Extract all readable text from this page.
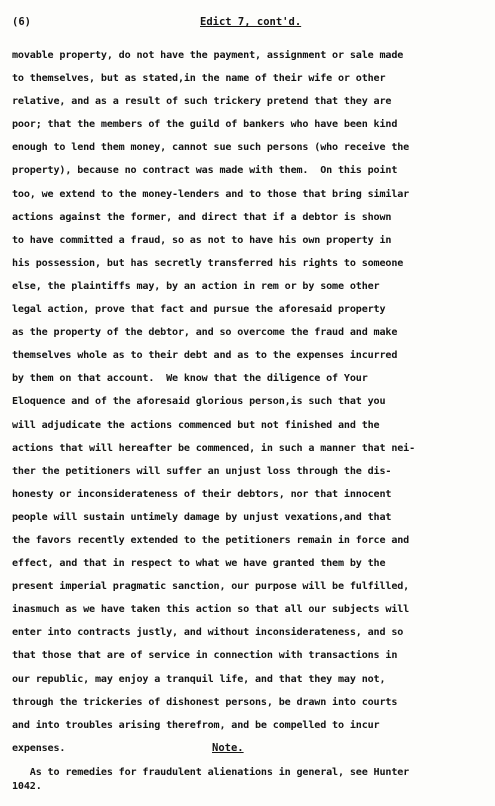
(6)	Edict 7, cont'd.
movable property, do not have the payment, assignment or sale made
to themselves, but as stated,in the name of their wife or other
relative, and as a result of such trickery pretend that they are
poor; that the members of the guild of bankers who have been kind
enough to lend them money, cannot sue such persons (who receive the
property), because no contract was made with them.  On this point
too, we extend to the money-lenders and to those that bring similar
actions against the former, and direct that if a debtor is shown
to have committed a fraud, so as not to have his own property in
his possession, but has secretly transferred his rights to someone
else, the plaintiffs may, by an action in rem or by some other
legal action, prove that fact and pursue the aforesaid property
as the property of the debtor, and so overcome the fraud and make
themselves whole as to their debt and as to the expenses incurred
by them on that account.  We know that the diligence of Your
Eloquence and of the aforesaid glorious person,is such that you
will adjudicate the actions commenced but not finished and the
actions that will hereafter be commenced, in such a manner that nei-
ther the petitioners will suffer an unjust loss through the dis-
honesty or inconsiderateness of their debtors, nor that innocent
people will sustain untimely damage by unjust vexations,and that
the favors recently extended to the petitioners remain in force and
effect, and that in respect to what we have granted them by the
present imperial pragmatic sanction, our purpose will be fulfilled,
inasmuch as we have taken this action so that all our subjects will
enter into contracts justly, and without inconsiderateness, and so
that those that are of service in connection with transactions in
our republic, may enjoy a tranquil life, and that they may not,
through the trickeries of dishonest persons, be drawn into courts
and into troubles arising therefrom, and be compelled to incur
expenses.	Note.
As to remedies for fraudulent alienations in general, see Hunter
1042.
